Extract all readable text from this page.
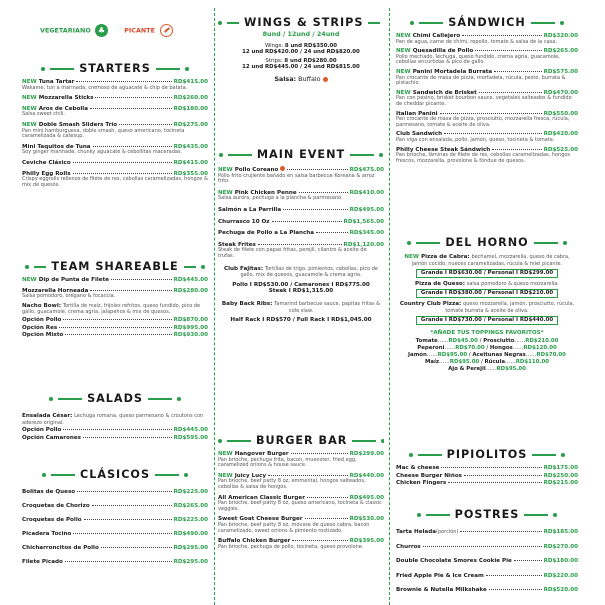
VEGETARIANO ♣	PICANTE
STARTERS
NEW Tuna Tartar	RD$415.00
Wakame, tun a marinada, cremoso de aguacate & chip de batata.
NEW Mozzarella Sticks	RD$260.00
NEW Aros de Cebolla	RD$180.00
Salsa sweet chili.
NEW Doble Smash Sliders Trio	RD$275.00
Pan mini hamburguesa, doble smash, queso americano, tocineta caramelizada & catesup.
Mini Taquitos de Tuna	RD$435.00
Soy ginger marinade, chunky aguacate & cebollitas maceradas.
Ceviche Clásico	RD$415.00
Philly Egg Rolls	RD$355.00
Crispy eggrolls rellenos de filete de res, cebollas caramelizadas, hongos & mix de quesos.
TEAM SHAREABLE
NEW Dip de Punta de Filete	RD$445.00
Mozzarella Horneada	RD$280.00
Salsa pomodoro, orégano & focaccia.
Nacho Bowl: Tortilla de maíz, frijoles refritos, queso fundido, pico de gallo, guacamole, crema agria, jalapeños & mix de quesos.
Opción Pollo	RD$870.00
Opción Res	RD$995.00
Opción Mixto	RD$930.00
SALADS
Ensalada César: Lechuga romana, queso parmesano & croutons con aderezo original.
Opción Pollo	RD$445.00
Opción Camarones	RD$595.00
CLÁSICOS
Bolitas de Queso	RD$225.00
Croquetas de Chorizo	RD$265.00
Croquetas de Pollo	RD$225.00
Picadera Tocino	RD$490.00
Chicharroncitos de Pollo	RD$295.00
Filete Picado	RD$295.00
WINGS & STRIPS
8und / 12und / 24und
Wings: 8 und RD$350.00
12 und RD$420.00 / 24 und RD$820.00
Strips: 8 und RD$280.00
12 und RD$445.00 / 24 und RD$815.00
Salsa: Buffalo
MAIN EVENT
NEW Pollo Coreano	RD$475.00
Pollo frito crujiente bañado en salsa barbecue Koreana & arroz frito.
NEW Pink Chicken Penne	RD$410.00
Salsa aurora, pechuga a la plancha & parmesano.
Salmón a La Parrilla	RD$495.00
Churrasco 10 Oz	RD$1,565.00
Pechuga de Pollo a La Plancha	RD$345.00
Steak Frites	RD$1,120.00
Steak de filete con papas fritas, perejil, cilantro & aceite de trufas.
Club Fajitas: Tortillas de trigo, pimientos, cebollas, pico de gallo, mix de quesos, guacamole & crema agria.
Pollo I RD$530.00 / Camarones I RD$775.00
Steak I RD$1,315.00
Baby Back Ribs: Tamarind barbecue sauce, papitas fritas & cole slaw.
Half Rack I RD$570 / Full Rack I RD$1,045.00
BURGER BAR
NEW Hangover Burger	RD$299.00
Pan brioche, pechuga frita, bacon, muenster, fried egg, caramelized onions & house sauce.
NEW Juicy Lucy	RD$440.00
Pan brioche, beef patty 8 oz, emmental, hongos salteados, cebollas & salsa de hongos.
All American Classic Burger	RD$495.00
Pan brioche, beef patty 8 oz, queso americano, tocineta & classic veggies.
Sweet Goat Cheese Burger	RD$530.00
Pan brioche, beef patty 8 oz, mousse de queso cabra, bacon caramelizado, sweet onions & pimiento rostizado.
Buffalo Chicken Burger	RD$395.00
Pan brioche, pechuga de pollo, tocineta, queso provolone.
SÁNDWICH
NEW Chimi Callejero	RD$320.00
Pan de agua, carne de chimi, repollo, tomate & salsa de la casa.
NEW Quesadilla de Pollo	RD$265.00
Pollo mechado, lechuga, queso fundido, crema agria, guacamole, cebollas encurtidas & pico de gallo.
NEW Panini Mortadela Burrata	RD$575.00
Pan crocante de masa de pizza, mortadela, rúcula, pesto, burrata & pistachio.
NEW Sandwich de Brisket	RD$470.00
Pan con pesino, brisket bourbon sauce, vegetales salteados & fundido de cheddar picante.
Italian Panini	RD$550.00
Pan crocante de masa de pizza, prosciutto, mozzarella fresca, rúcula, parmesano, tomate & aceite de oliva.
Club Sandwich	RD$420.00
Pan viga con ensalada, pollo, jamón, queso, tocineta & tomate.
Philly Cheese Steak Sándwich	RD$525.00
Pan brioche, láminas de filete de res, cebollas caramelizadas, hongos frescos, mozzarella, provolone & fondue de quesos.
DEL HORNO
NEW Pizza de Cabra: bechamel, mozzarella, queso de cabra, jamón cocido, nueces caramelizadas, rúcula & miel picante.
Grande I RD$630.00 / Personal I RD$299.00
Pizza de Queso: salsa pomodoro & queso mozzarella.
Grande I RD$380.00 / Personal I RD$210.00
Country Club Pizza: queso mozzarella, jamón, prosciutto, rúcula, tomate burrata & aceite de oliva.
Grande I RD$730.00 / Personal I RD$440.00
*AÑADE TUS TOPPINGS FAVORITOS*
Tomate……RD$45.00 / Prosciutto……RD$210.00
Peperoni……RD$70.00 / Hongos……RD$120.00
Jamón……RD$95.00 / Aceitunas Negras……RD$70.00
Maíz……RD$95.00 / Rúcula……RD$110.00
Ajo & Perejil……RD$95.00
PIPIOLITOS
Mac & cheese	RD$175.00
Cheese Burger Niños	RD$250.00
Chicken Fingers	RD$215.00
POSTRES
Tarta Helada (porción)	RD$185.00
Churros	RD$270.00
Double Chocolate Smores Cookie Pie	RD$180.00
Fried Apple Pie & Ice Cream	RD$220.00
Brownie & Nutella Milkshake	RD$520.00
